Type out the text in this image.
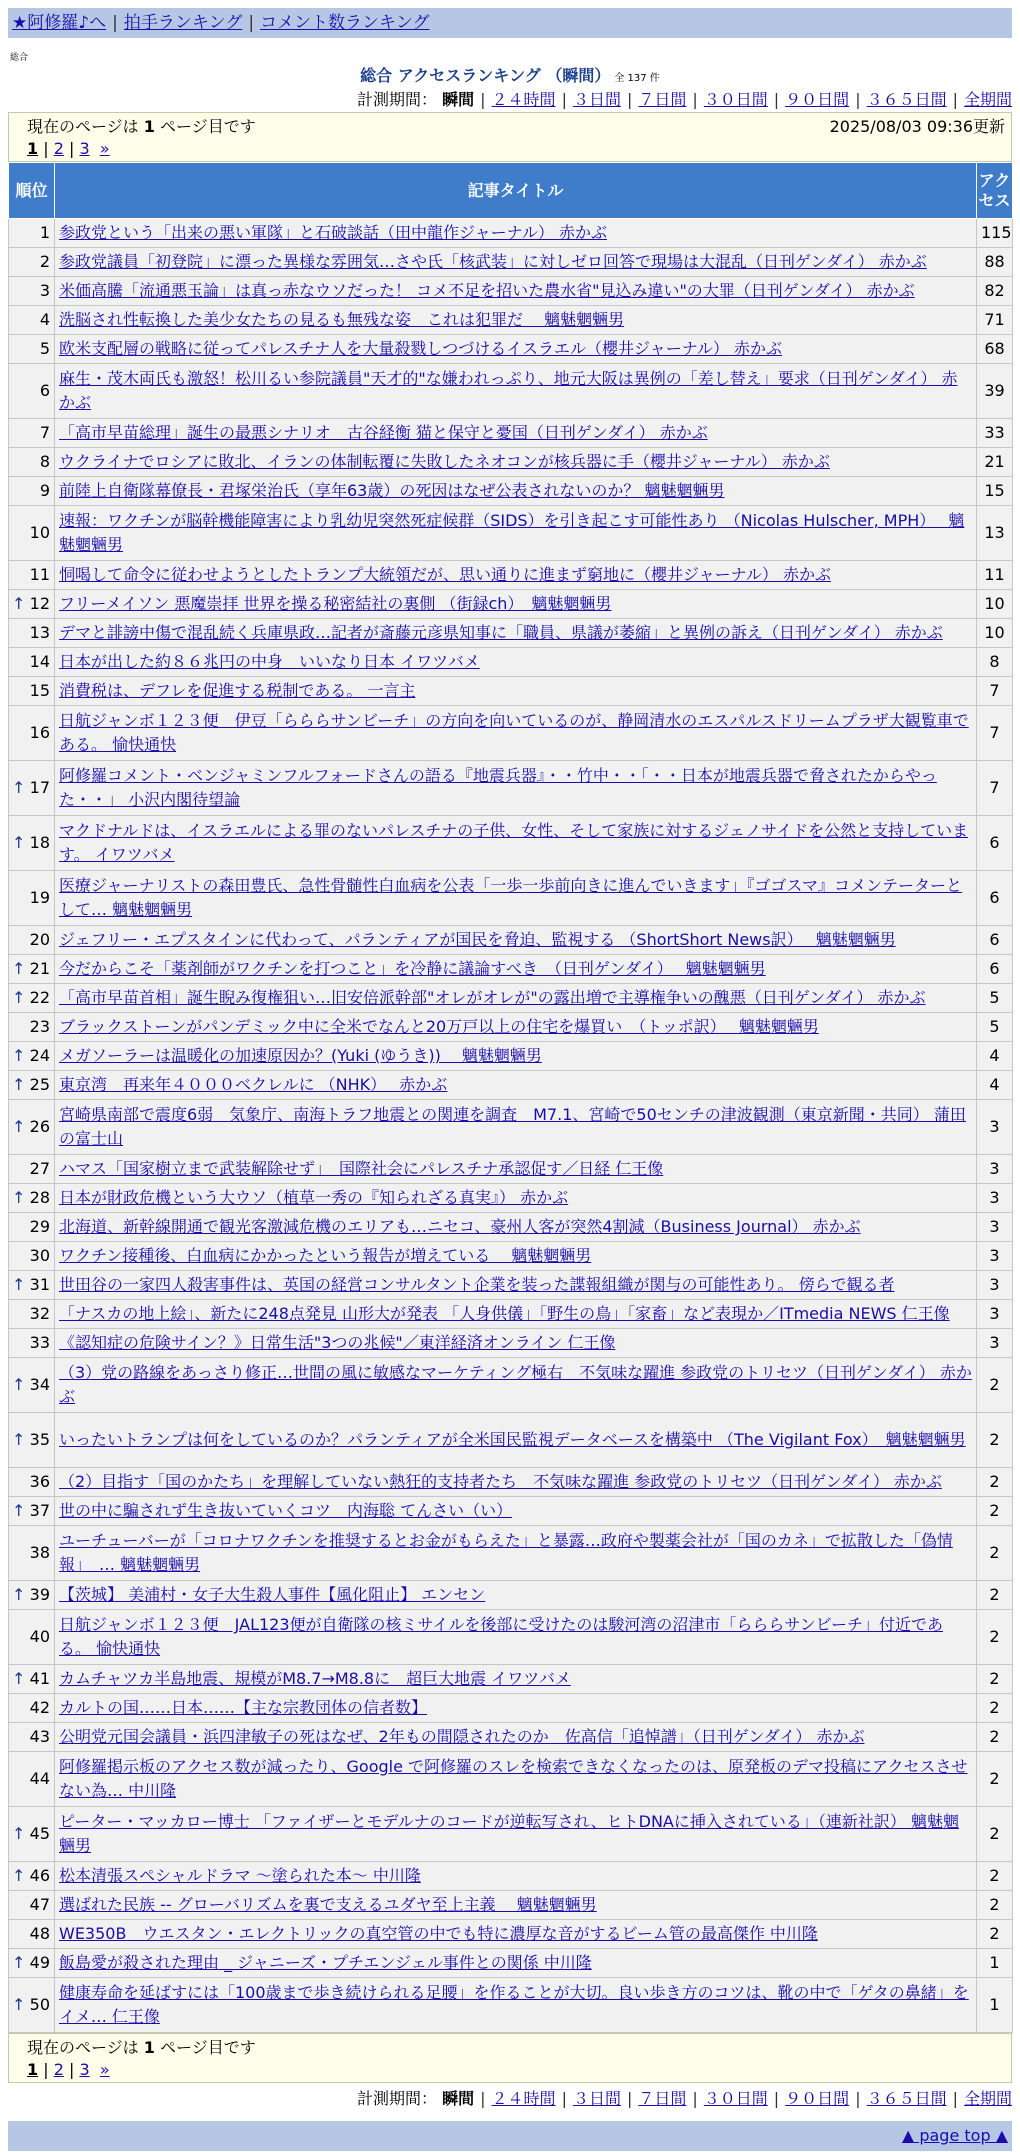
★阿修羅♪へ | 拍手ランキング | コメント数ランキング
総合
総合 アクセスランキング （瞬間） 全 137 件
計測期間： 瞬間 | ２４時間 | ３日間 | ７日間 | ３０日間 | ９０日間 | ３６５日間 | 全期間
現在のページは 1 ページ目です	2025/08/03 09:36更新
1 | 2 | 3 »
順位	記事タイトル	アクセス
1	参政党という「出来の悪い軍隊」と石破談話（田中龍作ジャーナル） 赤かぶ	115
2	参政党議員「初登院」に漂った異様な雰囲気…さや氏「核武装」に対しゼロ回答で現場は大混乱（日刊ゲンダイ） 赤かぶ	88
3	米価高騰「流通悪玉論」は真っ赤なウソだった！ コメ不足を招いた農水省"見込み違い"の大罪（日刊ゲンダイ） 赤かぶ	82
4	洗脳され性転換した美少女たちの見るも無残な姿　これは犯罪だ　 魑魅魍魎男	71
5	欧米支配層の戦略に従ってパレスチナ人を大量殺戮しつづけるイスラエル（櫻井ジャーナル） 赤かぶ	68
6	麻生・茂木両氏も激怒！松川るい参院議員"天才的"な嫌われっぷり、地元大阪は異例の「差し替え」要求（日刊ゲンダイ） 赤かぶ	39
7	「高市早苗総理」誕生の最悪シナリオ　古谷経衡 猫と保守と憂国（日刊ゲンダイ） 赤かぶ	33
8	ウクライナでロシアに敗北、イランの体制転覆に失敗したネオコンが核兵器に手（櫻井ジャーナル） 赤かぶ	21
9	前陸上自衛隊幕僚長・君塚栄治氏（享年63歳）の死因はなぜ公表されないのか？ 魑魅魍魎男	15
10	速報：ワクチンが脳幹機能障害により乳幼児突然死症候群（SIDS）を引き起こす可能性あり （Nicolas Hulscher, MPH）　 魑魅魍魎男	13
11	恫喝して命令に従わせようとしたトランプ大統領だが、思い通りに進まず窮地に（櫻井ジャーナル） 赤かぶ	11

↑ 12	フリーメイソン 悪魔崇拝 世界を操る秘密結社の裏側 （街録ch）　魑魅魍魎男	10
13	デマと誹謗中傷で混乱続く兵庫県政…記者が斎藤元彦県知事に「職員、県議が萎縮」と異例の訴え（日刊ゲンダイ） 赤かぶ	10
14	日本が出した約８６兆円の中身　いいなり日本 イワツバメ	8
15	消費税は、デフレを促進する税制である。 一言主	7
16	日航ジャンボ１２３便　伊豆「らららサンビーチ」の方向を向いているのが、静岡清水のエスパルスドリームプラザ大観覧車である。 愉快通快	7

↑ 17	阿修羅コメント・ベンジャミンフルフォードさんの語る『地震兵器』・・竹中・・「・・日本が地震兵器で脅されたからやった・・」 小沢内閣待望論	7

↑ 18	マクドナルドは、イスラエルによる罪のないパレスチナの子供、女性、そして家族に対するジェノサイドを公然と支持しています。 イワツバメ	6
19	医療ジャーナリストの森田豊氏、急性骨髄性白血病を公表「一歩一歩前向きに進んでいきます」『ゴゴスマ』コメンテーターとして… 魑魅魍魎男	6
20	ジェフリー・エプスタインに代わって、パランティアが国民を脅迫、監視する （ShortShort News訳）　 魑魅魍魎男	6

↑ 21	今だからこそ「薬剤師がワクチンを打つこと」を冷静に議論すべき　（日刊ゲンダイ）　 魑魅魍魎男	6

↑ 22	「高市早苗首相」誕生睨み復権狙い…旧安倍派幹部"オレがオレが"の露出増で主導権争いの醜悪（日刊ゲンダイ） 赤かぶ	5
23	ブラックストーンがパンデミック中に全米でなんと20万戸以上の住宅を爆買い　（トッポ訳）　 魑魅魍魎男	5

↑ 24	メガソーラーは温暖化の加速原因か？(Yuki (ゆうき))　 魑魅魍魎男	4

↑ 25	東京湾　再来年４０００ベクレルに （NHK）　 赤かぶ	4

↑ 26	宮崎県南部で震度6弱　気象庁、南海トラフ地震との関連を調査　M7.1、宮崎で50センチの津波観測（東京新聞・共同） 蒲田の富士山	3
27	ハマス「国家樹立まで武装解除せず」　国際社会にパレスチナ承認促す／日経 仁王像	3

↑ 28	日本が財政危機という大ウソ（植草一秀の『知られざる真実』） 赤かぶ	3
29	北海道、新幹線開通で観光客激減危機のエリアも…ニセコ、豪州人客が突然4割減（Business Journal） 赤かぶ	3
30	ワクチン接種後、白血病にかかったという報告が増えている　 魑魅魍魎男	3

↑ 31	世田谷の一家四人殺害事件は、英国の経営コンサルタント企業を装った諜報組織が関与の可能性あり。 傍らで観る者	3
32	「ナスカの地上絵」、新たに248点発見 山形大が発表 「人身供儀」「野生の鳥」「家畜」など表現か／ITmedia NEWS 仁王像	3
33	《認知症の危険サイン？》日常生活"3つの兆候"／東洋経済オンライン 仁王像	3

↑ 34	（3）党の路線をあっさり修正…世間の風に敏感なマーケティング極右　不気味な躍進 参政党のトリセツ（日刊ゲンダイ） 赤かぶ	2

↑ 35	いったいトランプは何をしているのか？パランティアが全米国民監視データベースを構築中 （The Vigilant Fox）　魑魅魍魎男	2
36	（2）目指す「国のかたち」を理解していない熱狂的支持者たち　不気味な躍進 参政党のトリセツ（日刊ゲンダイ） 赤かぶ	2

↑ 37	世の中に騙されず生き抜いていくコツ　内海聡 てんさい（い）	2
38	ユーチューバーが「コロナワクチンを推奨するとお金がもらえた」と暴露…政府や製薬会社が「国のカネ」で拡散した「偽情報」　… 魑魅魍魎男	2

↑ 39	【茨城】 美浦村・女子大生殺人事件【風化阻止】 エンセン	2
40	日航ジャンボ１２３便　JAL123便が自衛隊の核ミサイルを後部に受けたのは駿河湾の沼津市「らららサンビーチ」付近である。 愉快通快	2

↑ 41	カムチャツカ半島地震、規模がM8.7→M8.8に　超巨大地震 イワツバメ	2
42	カルトの国……日本……【主な宗教団体の信者数】	2
43	公明党元国会議員・浜四津敏子の死はなぜ、2年もの間隠されたのか　佐高信「追悼譜」（日刊ゲンダイ） 赤かぶ	2
44	阿修羅掲示板のアクセス数が減ったり、Google で阿修羅のスレを検索できなくなったのは、原発板のデマ投稿にアクセスさせない為… 中川隆	2

↑ 45	ピーター・マッカロー博士 「ファイザーとモデルナのコードが逆転写され、ヒトDNAに挿入されている」（連新社訳） 魑魅魍魎男	2

↑ 46	松本清張スペシャルドラマ ～塗られた本～ 中川隆	2
47	選ばれた民族 -- グローバリズムを裏で支えるユダヤ至上主義　 魑魅魍魎男	2
48	WE350B　ウエスタン・エレクトリックの真空管の中でも特に濃厚な音がするビーム管の最高傑作 中川隆	2

↑ 49	飯島愛が殺された理由 _ ジャニーズ・プチエンジェル事件との関係 中川隆	1

↑ 50	健康寿命を延ばすには「100歳まで歩き続けられる足腰」を作ることが大切。良い歩き方のコツは、靴の中で「ゲタの鼻緒」をイメ… 仁王像	1
現在のページは 1 ページ目です
1 | 2 | 3 »
計測期間： 瞬間 | ２４時間 | ３日間 | ７日間 | ３０日間 | ９０日間 | ３６５日間 | 全期間
▲ page top ▲
